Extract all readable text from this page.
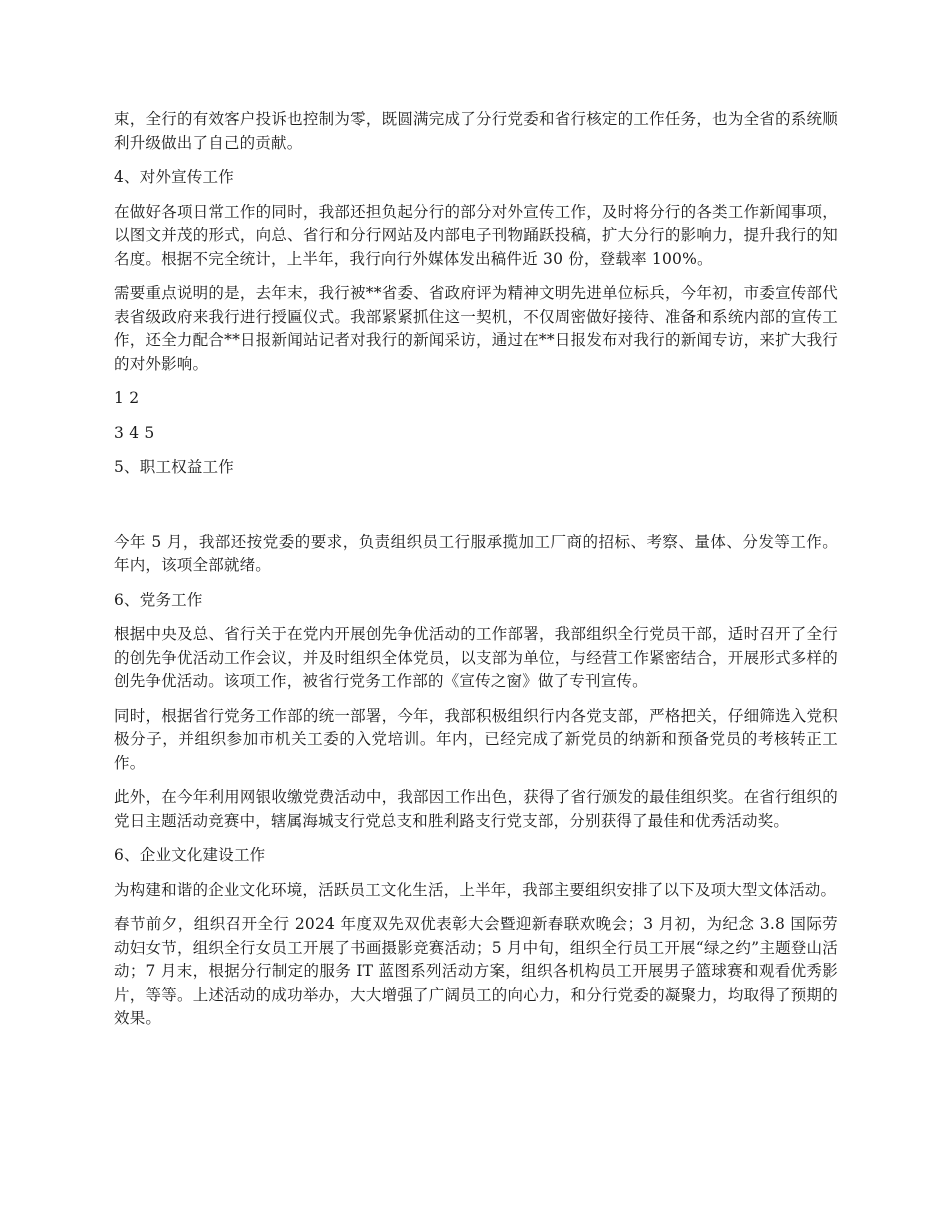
束，全行的有效客户投诉也控制为零，既圆满完成了分行党委和省行核定的工作任务，也为全省的系统顺利升级做出了自己的贡献。

4、对外宣传工作

在做好各项日常工作的同时，我部还担负起分行的部分对外宣传工作，及时将分行的各类工作新闻事项，以图文并茂的形式，向总、省行和分行网站及内部电子刊物踊跃投稿，扩大分行的影响力，提升我行的知名度。根据不完全统计，上半年，我行向行外媒体发出稿件近 30 份，登载率 100%。

需要重点说明的是，去年末，我行被**省委、省政府评为精神文明先进单位标兵，今年初，市委宣传部代表省级政府来我行进行授匾仪式。我部紧紧抓住这一契机，不仅周密做好接待、准备和系统内部的宣传工作，还全力配合**日报新闻站记者对我行的新闻采访，通过在**日报发布对我行的新闻专访，来扩大我行的对外影响。

1 2

3 4 5

5、职工权益工作

今年 5 月，我部还按党委的要求，负责组织员工行服承揽加工厂商的招标、考察、量体、分发等工作。年内，该项全部就绪。

6、党务工作

根据中央及总、省行关于在党内开展创先争优活动的工作部署，我部组织全行党员干部，适时召开了全行的创先争优活动工作会议，并及时组织全体党员，以支部为单位，与经营工作紧密结合，开展形式多样的创先争优活动。该项工作，被省行党务工作部的《宣传之窗》做了专刊宣传。

同时，根据省行党务工作部的统一部署，今年，我部积极组织行内各党支部，严格把关，仔细筛选入党积极分子，并组织参加市机关工委的入党培训。年内，已经完成了新党员的纳新和预备党员的考核转正工作。

此外，在今年利用网银收缴党费活动中，我部因工作出色，获得了省行颁发的最佳组织奖。在省行组织的党日主题活动竞赛中，辖属海城支行党总支和胜利路支行党支部，分别获得了最佳和优秀活动奖。

6、企业文化建设工作

为构建和谐的企业文化环境，活跃员工文化生活，上半年，我部主要组织安排了以下及项大型文体活动。

春节前夕，组织召开全行 2024 年度双先双优表彰大会暨迎新春联欢晚会；3 月初，为纪念 3.8 国际劳动妇女节，组织全行女员工开展了书画摄影竞赛活动；5 月中旬，组织全行员工开展“绿之约”主题登山活动；7 月末，根据分行制定的服务 IT 蓝图系列活动方案，组织各机构员工开展男子篮球赛和观看优秀影片，等等。上述活动的成功举办，大大增强了广阔员工的向心力，和分行党委的凝聚力，均取得了预期的效果。
